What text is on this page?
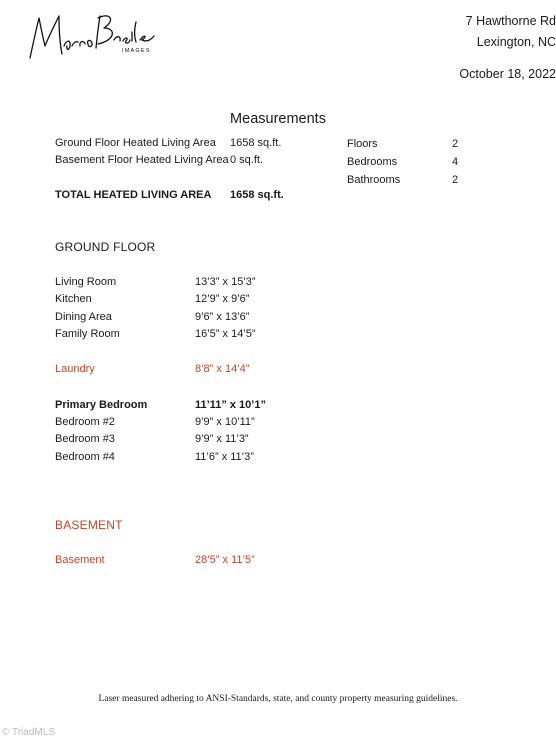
IMAGES
7 Hawthorne Rd
Lexington, NC
October 18, 2022
Measurements
Ground Floor Heated Living Area 1658 sq.ft.
Basement Floor Heated Living Area 0 sq.ft.
TOTAL HEATED LIVING AREA 1658 sq.ft.
Floors	2
Bedrooms	4
Bathrooms	2
GROUND FLOOR
Living Room	13’3” x 15’3”
Kitchen	12’9” x 9’6”
Dining Area	9’6” x 13’6”
Family Room	16’5” x 14’5”
Laundry	8’8” x 14’4”
Primary Bedroom	11’11” x 10’1”
Bedroom #2	9’9” x 10’11”
Bedroom #3	9’9” x 11’3”
Bedroom #4	11’6” x 11’3”
BASEMENT
Basement	28’5” x 11’5”
Laser measured adhering to ANSI-Standards, state, and county property measuring guidelines.
© TriadMLS
